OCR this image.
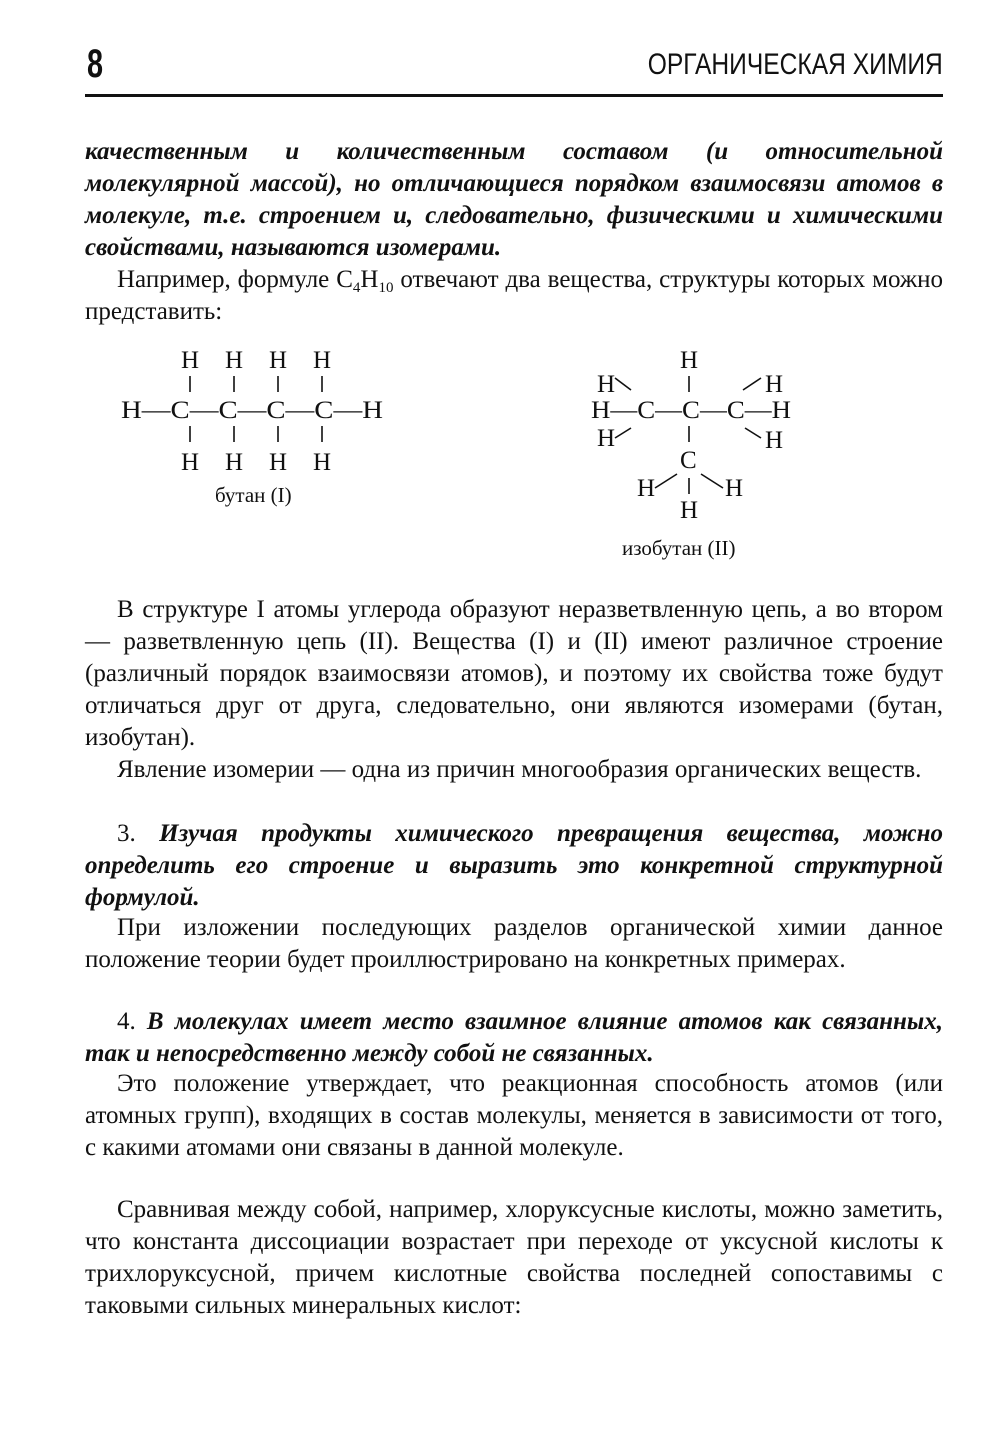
8	ОРГАНИЧЕСКАЯ ХИМИЯ

качественным и количественным составом (и относительной молекулярной массой), но отличающиеся порядком взаимосвязи атомов в молекуле, т.е. строением и, следовательно, физическими и химическими свойствами, называются изомерами.

Например, формуле $C_4H_{10}$ отвечают два вещества, структуры которых можно представить:

H H H H
H—C—C—C—C—H
H H H H
бутан (I)
H
H	H
H—C—C—C—H
H	H
C
H	H
H
изобутан (II)

В структуре I атомы углерода образуют неразветвленную цепь, а во втором — разветвленную цепь (II). Вещества (I) и (II) имеют различное строение (различный порядок взаимосвязи атомов), и поэтому их свойства тоже будут отличаться друг от друга, следовательно, они являются изомерами (бутан, изобутан).

Явление изомерии — одна из причин многообразия органических веществ.

3. Изучая продукты химического превращения вещества, можно определить его строение и выразить это конкретной структурной формулой.

При изложении последующих разделов органической химии данное положение теории будет проиллюстрировано на конкретных примерах.

4. В молекулах имеет место взаимное влияние атомов как связанных, так и непосредственно между собой не связанных.

Это положение утверждает, что реакционная способность атомов (или атомных групп), входящих в состав молекулы, меняется в зависимости от того, с какими атомами они связаны в данной молекуле.

Сравнивая между собой, например, хлоруксусные кислоты, можно заметить, что константа диссоциации возрастает при переходе от уксусной кислоты к трихлоруксусной, причем кислотные свойства последней сопоставимы с таковыми сильных минеральных кислот:
